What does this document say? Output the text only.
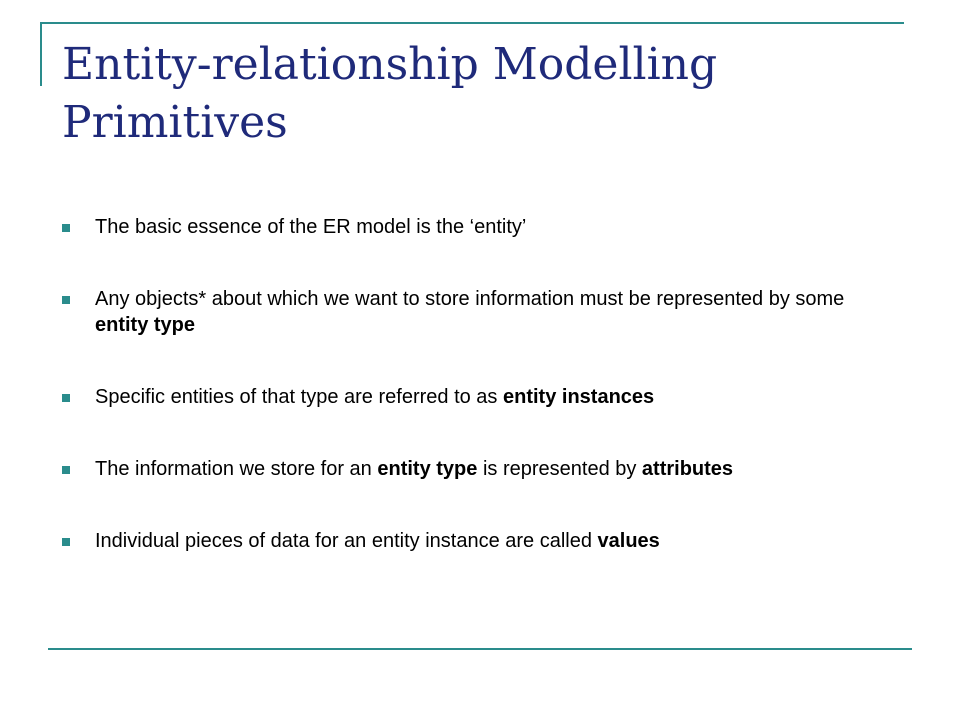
Entity-relationship Modelling Primitives
The basic essence of the ER model is the ‘entity’
Any objects* about which we want to store information must be represented by some entity type
Specific entities of that type are referred to as entity instances
The information we store for an entity type is represented by attributes
Individual pieces of data for an entity instance are called values
